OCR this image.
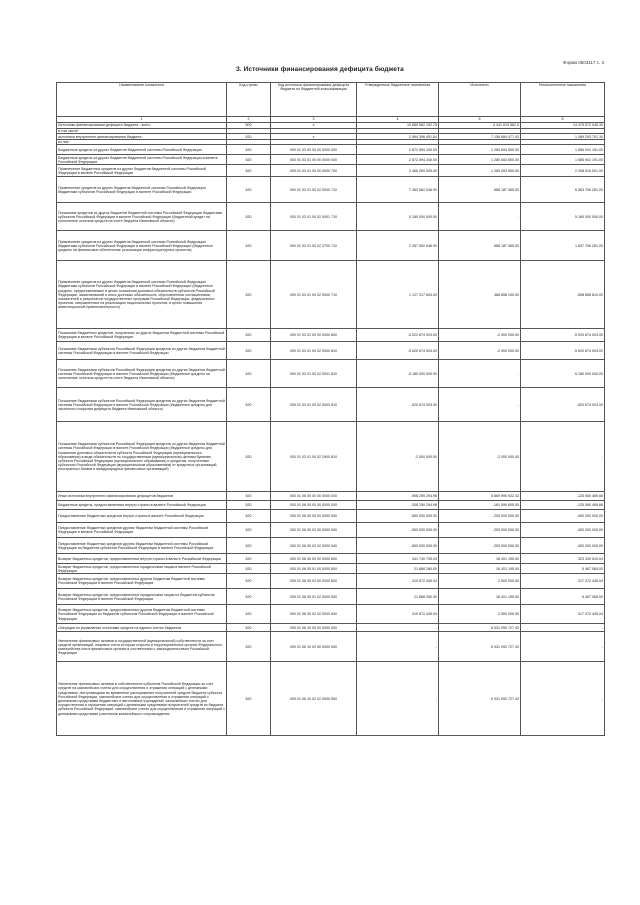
Форма 0503117 с. 3
3. Источники финансирования дефицита бюджета
Наименование показателя	Код строки	Код источника финансирования дефицита бюджета по бюджетной классификации	Утвержденные бюджетные назначения	Исполнено	Неисполненные назначения
1	2	3	4	5	6
Источники финансирования дефицита бюджета - всего	500	x	10 889 562 192.75	-4 441 619 582.5	14 479 572 045.30
в том числе:					
источники внутреннего финансирования бюджета	520	x	2 964 396 451.04	7 156 684 477.43	1 489 293 701.34
из них:					
Бюджетные кредиты из других бюджетов бюджетной системы Российской Федерации	520	000 01 03 00 00 00 0000 000	2 872 594 340.00	1 280 653 500.00	1 585 941 191.00
Бюджетные кредиты из других бюджетов бюджетной системы Российской Федерации в валюте Российской Федерации	520	000 01 03 01 00 00 0000 000	2 872 594 340.00	1 280 653 500.00	1 585 941 191.00
Привлечение бюджетных кредитов из других бюджетов бюджетной системы Российской Федерации в валюте Российской Федерации	520	000 01 03 01 00 00 0000 700	3 466 269 549.00	1 269 053 550.00	2 398 516 001.00
Привлечение кредитов из других бюджетов бюджетной системы Российской Федерации бюджетами субъектов Российской Федерации в валюте Российской Федерации	520	000 01 03 01 00 02 0000 710	7 363 562 046.00	668 187 365.00	6 563 706 281.00
Погашение кредитов из других бюджетов бюджетной системы Российской Федерации бюджетами субъектов Российской Федерации в валюте Российской Федерации (бюджетный кредит на пополнение остатков средств на счете бюджета Ивановской области)	520	000 01 03 01 00 02 0001 710	5 180 000 000.00	-	5 180 000 000.00
Привлечение кредитов из других бюджетов бюджетной системы Российской Федерации бюджетами субъектов Российской Федерации в валюте Российской Федерации (бюджетные кредиты на финансовое обеспечение реализации инфраструктурных проектов)	520	000 01 03 01 00 02 2700 710	2 267 552 646.00	668 187 365.00	1 657 706 281.00
Привлечение кредитов из других бюджетов бюджетной системы Российской Федерации бюджетами субъектов Российской Федерации в валюте Российской Федерации (бюджетные кредиты, предоставляемые в целях погашения долговых обязательств субъектов Российской Федерации, заимствований и иных долговых обязательств, обусловленных соглашениями, показателей и результатов государственных программ Российской Федерации, федеральных проектов, направленных на реализацию национальных проектов, в целях повышения инвестиционной привлекательности)	520	000 01 03 01 00 02 5000 710	1 127 317 503.00	468 658 190.00	-558 658 810.00
Погашение бюджетных кредитов, полученных из других бюджетов бюджетной системы Российской Федерации в валюте Российской Федерации	520	000 01 03 01 00 00 0000 800	-5 022 674 003.00	-2 000 000.00	-5 020 674 003.00
Погашение бюджетами субъектов Российской Федерации кредитов из других бюджетов бюджетной системы Российской Федерации в валюте Российской Федерации	520	000 01 03 01 00 02 0000 810	-5 620 674 003.00	-2 000 000.00	-5 620 674 003.00
Погашение бюджетами субъектов Российской Федерации кредитов из других бюджетов бюджетной системы Российской Федерации в валюте Российской Федерации (бюджетные кредиты на пополнение остатков средств на счете бюджета Ивановской области)	520	000 01 03 01 00 02 0001 810	-5 180 000 000.00	-	-5 180 000 000.00
Погашение бюджетами субъектов Российской Федерации кредитов из других бюджетов бюджетной системы Российской Федерации в валюте Российской Федерации (бюджетные кредиты для частичного покрытия дефицита бюджета Ивановской области)	520	000 01 03 01 00 02 0003 810	-520 674 003.00	-	-520 674 003.00
Погашение бюджетами субъектов Российской Федерации кредитов из других бюджетов бюджетной системы Российской Федерации в валюте Российской Федерации (бюджетные кредиты для погашения долговых обязательств субъекта Российской Федерации (муниципального образования) в виде обязательств по государственным (муниципальным) ценным бумагам субъекта Российской Федерации (муниципального образования) и кредитам, полученным субъектом Российской Федерации (муниципальным образованием) от кредитных организаций, иностранных банков и международных финансовых организаций)	520	000 01 03 01 00 02 2900 810	-2 000 000.00	-2 000 000.00	-
Иные источники внутреннего финансирования дефицитов бюджетов	520	000 01 06 00 00 00 0000 000	-908 259 294.96	5 869 990 922.43	-125 960 489.66
Бюджетные кредиты, предоставленные внутри страны в валюте Российской Федерации	520	000 01 06 05 00 00 0000 000	-308 259 294.96	-161 599 805.00	-125 960 489.66
Предоставление бюджетных кредитов внутри страны в валюте Российской Федерации	520	000 01 06 05 00 00 0000 500	-650 000 000.00	-200 000 000.00	-450 000 000.00
Предоставление бюджетных кредитов другим бюджетам бюджетной системы Российской Федерации в валюте Российской Федерации	520	000 01 06 05 02 00 0000 500	-550 000 000.00	-200 000 000.00	-450 000 000.00
Предоставление бюджетных кредитов другим бюджетам бюджетной системы Российской Федерации из бюджетов субъектов Российской Федерации в валюте Российской Федерации	520	000 01 06 05 02 02 0000 540	-650 000 000.00	-200 000 000.00	-450 000 000.00
Возврат бюджетных кредитов, предоставленных внутри страны в валюте Российской Федерации	520	000 01 06 05 00 00 0000 600	341 740 705.04	18 401 195.00	323 339 510.04
Возврат бюджетных кредитов, предоставленных юридическим лицам в валюте Российской Федерации	520	000 01 06 05 01 00 0000 600	21 868 260.00	16 401 195.00	5 467 065.00
Возврат бюджетных кредитов, предоставленных другим бюджетам бюджетной системы Российской Федерации в валюте Российской Федерации	520	000 01 06 05 02 00 0000 600	319 872 445.04	2 500 000.00	317 372 445.04
Возврат бюджетных кредитов, предоставленных юридическим лицам из бюджетов субъектов Российской Федерации в валюте Российской Федерации	520	000 01 06 05 01 02 0000 640	21 868 260.00	16 401 195.00	5 467 065.00
Возврат бюджетных кредитов, предоставленных другим бюджетам бюджетной системы Российской Федерации из бюджетов субъектов Российской Федерации в валюте Российской Федерации	520	000 01 06 05 02 02 0000 640	319 872 445.04	2 500 000.00	317 372 445.04
Операции по управлению остатками средств на единых счетах бюджетов	520	000 01 06 10 00 00 0000 000	-	6 031 090 727.43	-
Увеличение финансовых активов в государственной (муниципальной) собственности за счет средств организаций, лицевые счета которым открыты в территориальных органах Федерального казначейства или в финансовых органах в соответствии с законодательством Российской Федерации	520	000 01 06 10 02 00 0000 500	-	6 031 090 727.43	-
Увеличение финансовых активов в собственности субъектов Российской Федерации за счет средств на казначейских счетах для осуществления и отражения операций с денежными средствами, поступающими во временное распоряжение получателей средств бюджета субъекта Российской Федерации, казначейских счетах для осуществления и отражения операций с денежными средствами бюджетных и автономных учреждений, казначейских счетах для осуществления и отражения операций с денежными средствами получателей средств из бюджета субъекта Российской Федерации, казначейских счетах для осуществления и отражения операций с денежными средствами участников казначейского сопровождения	520	000 01 06 10 02 02 0000 550	-	6 031 090 727.43	-
